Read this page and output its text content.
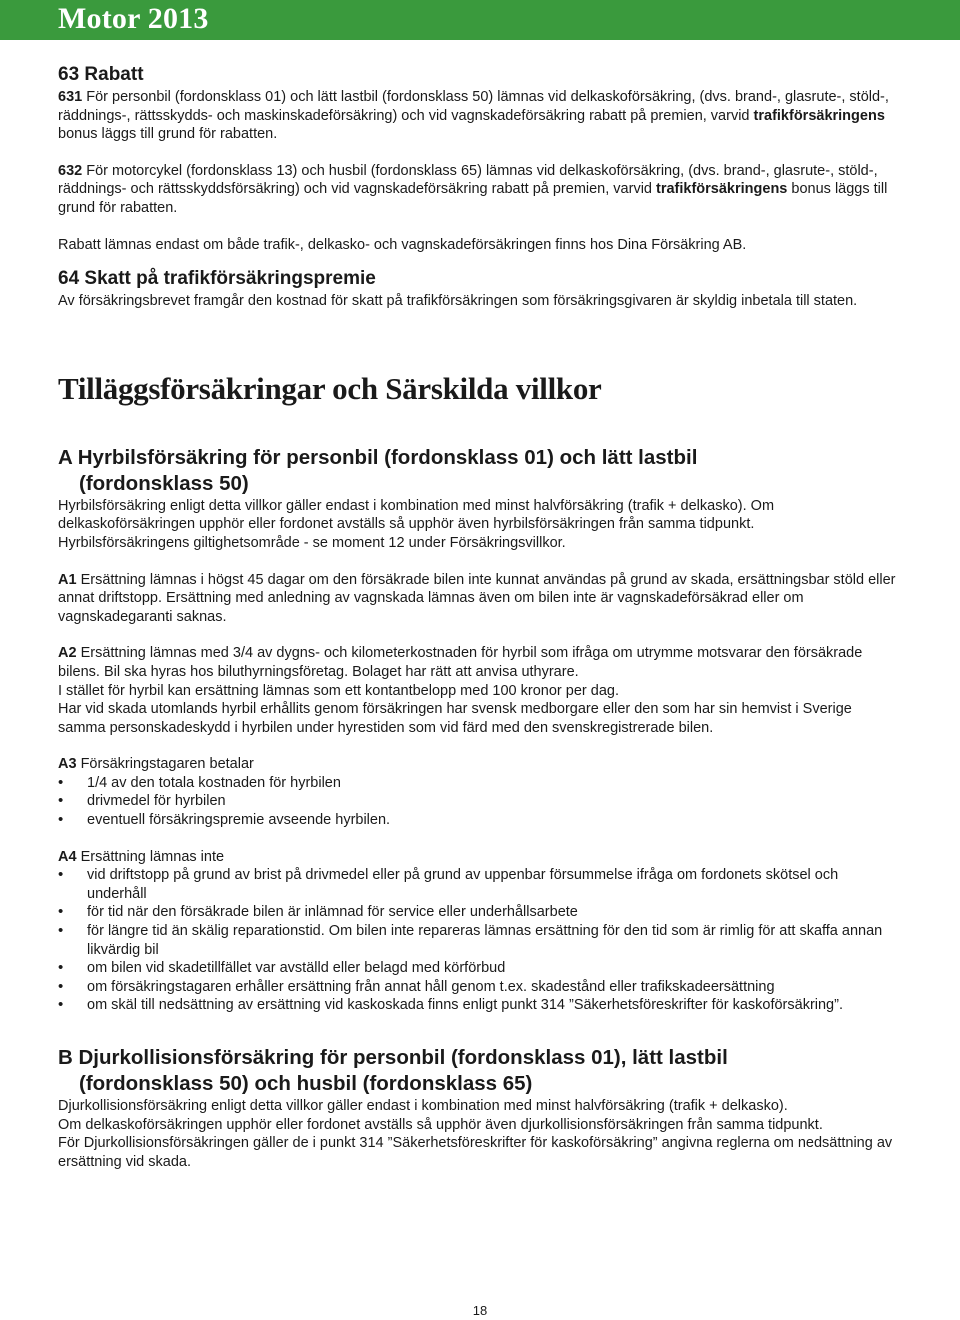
Motor 2013
63 Rabatt

631 För personbil (fordonsklass 01) och lätt lastbil (fordonsklass 50) lämnas vid delkaskoförsäkring, (dvs. brand-, glasrute-, stöld-, räddnings-, rättsskydds- och maskinskadeförsäkring) och vid vagnskadeförsäkring rabatt på premien, varvid trafikförsäkringens bonus läggs till grund för rabatten.

632 För motorcykel (fordonsklass 13) och husbil (fordonsklass 65) lämnas vid delkaskoförsäkring, (dvs. brand-, glasrute-, stöld-, räddnings- och rättsskyddsförsäkring) och vid vagnskadeförsäkring rabatt på premien, varvid trafikförsäkringens bonus läggs till grund för rabatten.

Rabatt lämnas endast om både trafik-, delkasko- och vagnskadeförsäkringen finns hos Dina Försäkring AB.

64 Skatt på trafikförsäkringspremie

Av försäkringsbrevet framgår den kostnad för skatt på trafikförsäkringen som försäkringsgivaren är skyldig inbetala till staten.

Tilläggsförsäkringar och Särskilda villkor
A Hyrbilsförsäkring för personbil (fordonsklass 01) och lätt lastbil
(fordonsklass 50)

Hyrbilsförsäkring enligt detta villkor gäller endast i kombination med minst halvförsäkring (trafik + delkasko). Om delkaskoförsäkringen upphör eller fordonet avställs så upphör även hyrbilsförsäkringen från samma tidpunkt.

Hyrbilsförsäkringens giltighetsområde - se moment 12 under Försäkringsvillkor.

A1 Ersättning lämnas i högst 45 dagar om den försäkrade bilen inte kunnat användas på grund av skada, ersättningsbar stöld eller annat driftstopp. Ersättning med anledning av vagnskada lämnas även om bilen inte är vagnskadeförsäkrad eller om vagnskadegaranti saknas.

A2 Ersättning lämnas med 3/4 av dygns- och kilometerkostnaden för hyrbil som ifråga om utrymme motsvarar den försäkrade bilens. Bil ska hyras hos biluthyrningsföretag. Bolaget har rätt att anvisa uthyrare.

I stället för hyrbil kan ersättning lämnas som ett kontantbelopp med 100 kronor per dag.

Har vid skada utomlands hyrbil erhållits genom försäkringen har svensk medborgare eller den som har sin hemvist i Sverige samma personskadeskydd i hyrbilen under hyrestiden som vid färd med den svenskregistrerade bilen.

A3 Försäkringstagaren betalar

• 1/4 av den totala kostnaden för hyrbilen
• drivmedel för hyrbilen
• eventuell försäkringspremie avseende hyrbilen.

A4 Ersättning lämnas inte

• vid driftstopp på grund av brist på drivmedel eller på grund av uppenbar försummelse ifråga om fordonets skötsel och underhåll
• för tid när den försäkrade bilen är inlämnad för service eller underhållsarbete
• för längre tid än skälig reparationstid. Om bilen inte repareras lämnas ersättning för den tid som är rimlig för att skaffa annan likvärdig bil
• om bilen vid skadetillfället var avställd eller belagd med körförbud
• om försäkringstagaren erhåller ersättning från annat håll genom t.ex. skadestånd eller trafikskadeersättning
• om skäl till nedsättning av ersättning vid kaskoskada finns enligt punkt 314 ”Säkerhetsföreskrifter för kaskoförsäkring”.
B Djurkollisionsförsäkring för personbil (fordonsklass 01), lätt lastbil
(fordonsklass 50) och husbil (fordonsklass 65)

Djurkollisionsförsäkring enligt detta villkor gäller endast i kombination med minst halvförsäkring (trafik + delkasko).

Om delkaskoförsäkringen upphör eller fordonet avställs så upphör även djurkollisionsförsäkringen från samma tidpunkt.

För Djurkollisionsförsäkringen gäller de i punkt 314 ”Säkerhetsföreskrifter för kaskoförsäkring” angivna reglerna om nedsättning av ersättning vid skada.

18
